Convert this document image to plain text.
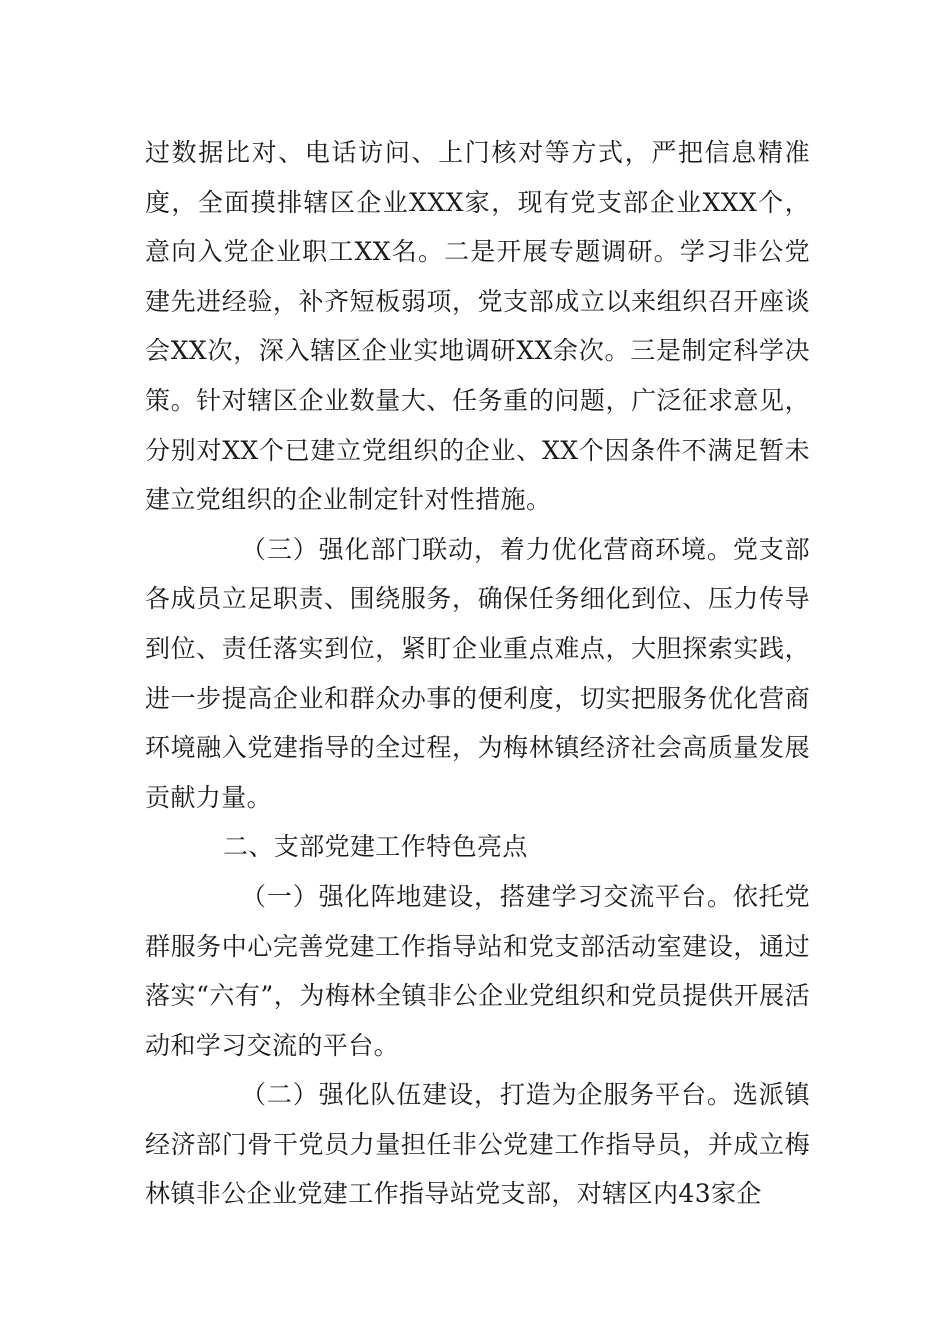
过数据比对、电话访问、上门核对等方式，严把信息精准度，全面摸排辖区企业XXX家，现有党支部企业XXX个，意向入党企业职工XX名。二是开展专题调研。学习非公党建先进经验，补齐短板弱项，党支部成立以来组织召开座谈会XX次，深入辖区企业实地调研XX余次。三是制定科学决策。针对辖区企业数量大、任务重的问题，广泛征求意见，分别对XX个已建立党组织的企业、XX个因条件不满足暂未建立党组织的企业制定针对性措施。

（三）强化部门联动，着力优化营商环境。党支部各成员立足职责、围绕服务，确保任务细化到位、压力传导到位、责任落实到位，紧盯企业重点难点，大胆探索实践，进一步提高企业和群众办事的便利度，切实把服务优化营商环境融入党建指导的全过程，为梅林镇经济社会高质量发展贡献力量。

二、支部党建工作特色亮点

（一）强化阵地建设，搭建学习交流平台。依托党群服务中心完善党建工作指导站和党支部活动室建设，通过落实“六有”，为梅林全镇非公企业党组织和党员提供开展活动和学习交流的平台。

（二）强化队伍建设，打造为企服务平台。选派镇经济部门骨干党员力量担任非公党建工作指导员，并成立梅林镇非公企业党建工作指导站党支部，对辖区内43家企
